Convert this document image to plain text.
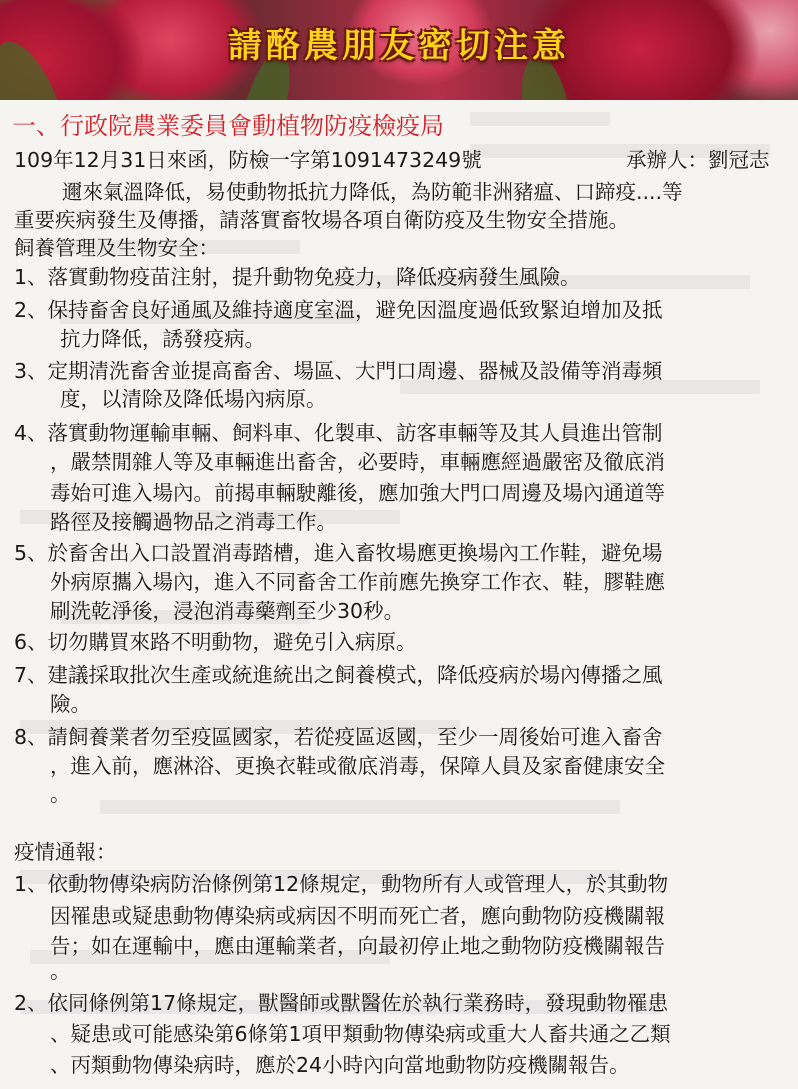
請酪農朋友密切注意
一、行政院農業委員會動植物防疫檢疫局
109年12月31日來函，防檢一字第1091473249號	承辦人：劉冠志
邇來氣溫降低，易使動物抵抗力降低，為防範非洲豬瘟、口蹄疫....等
重要疾病發生及傳播，請落實畜牧場各項自衛防疫及生物安全措施。
飼養管理及生物安全：
1、落實動物疫苗注射，提升動物免疫力，降低疫病發生風險。
2、保持畜舍良好通風及維持適度室溫，避免因溫度過低致緊迫增加及抵
抗力降低，誘發疫病。
3、定期清洗畜舍並提高畜舍、場區、大門口周邊、器械及設備等消毒頻
度，以清除及降低場內病原。
4、落實動物運輸車輛、飼料車、化製車、訪客車輛等及其人員進出管制
，嚴禁閒雜人等及車輛進出畜舍，必要時，車輛應經過嚴密及徹底消
毒始可進入場內。前揭車輛駛離後，應加強大門口周邊及場內通道等
路徑及接觸過物品之消毒工作。
5、於畜舍出入口設置消毒踏槽，進入畜牧場應更換場內工作鞋，避免場
外病原攜入場內，進入不同畜舍工作前應先換穿工作衣、鞋，膠鞋應
刷洗乾淨後，浸泡消毒藥劑至少30秒。
6、切勿購買來路不明動物，避免引入病原。
7、建議採取批次生產或統進統出之飼養模式，降低疫病於場內傳播之風
險。
8、請飼養業者勿至疫區國家，若從疫區返國，至少一周後始可進入畜舍
，進入前，應淋浴、更換衣鞋或徹底消毒，保障人員及家畜健康安全
。
疫情通報：
1、依動物傳染病防治條例第12條規定，動物所有人或管理人，於其動物
因罹患或疑患動物傳染病或病因不明而死亡者，應向動物防疫機關報
告；如在運輸中，應由運輸業者，向最初停止地之動物防疫機關報告
。
2、依同條例第17條規定，獸醫師或獸醫佐於執行業務時，發現動物罹患
、疑患或可能感染第6條第1項甲類動物傳染病或重大人畜共通之乙類
、丙類動物傳染病時，應於24小時內向當地動物防疫機關報告。
